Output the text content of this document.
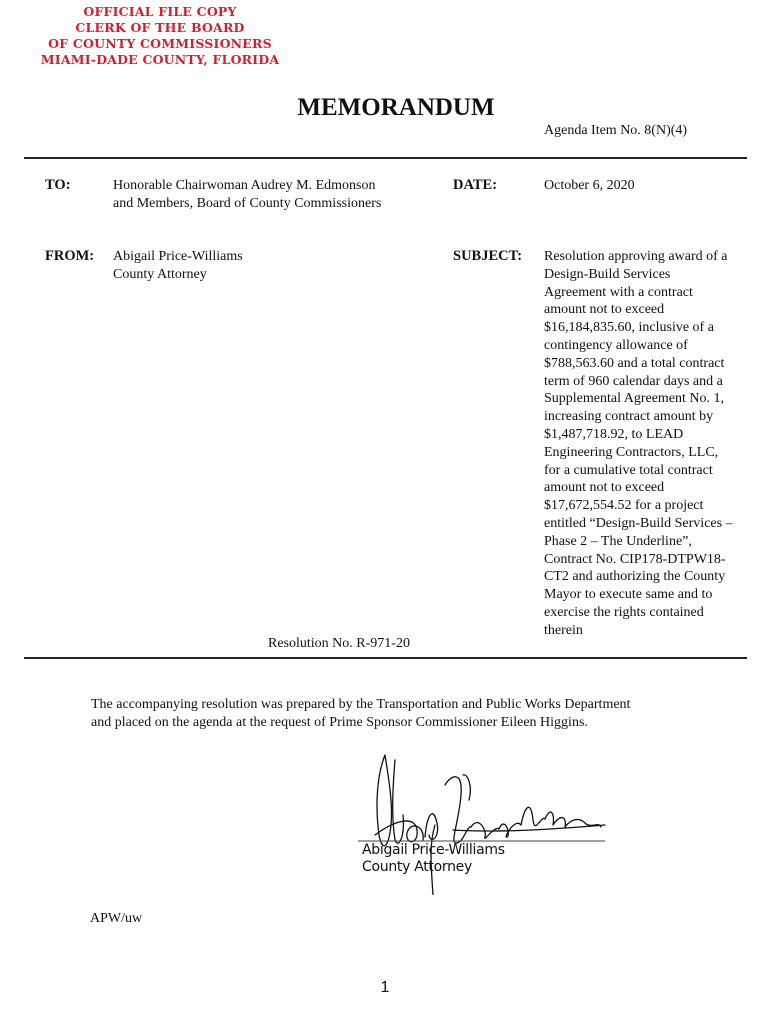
OFFICIAL FILE COPY
CLERK OF THE BOARD
OF COUNTY COMMISSIONERS
MIAMI-DADE COUNTY, FLORIDA
MEMORANDUM
Agenda Item No. 8(N)(4)
TO:	Honorable Chairwoman Audrey M. Edmonson
and Members, Board of County Commissioners
DATE:	October 6, 2020
FROM: Abigail Price-Williams
County Attorney
SUBJECT: Resolution approving award of a
Design-Build Services
Agreement with a contract
amount not to exceed
$16,184,835.60, inclusive of a
contingency allowance of
$788,563.60 and a total contract
term of 960 calendar days and a
Supplemental Agreement No. 1,
increasing contract amount by
$1,487,718.92, to LEAD
Engineering Contractors, LLC,
for a cumulative total contract
amount not to exceed
$17,672,554.52 for a project
entitled “Design-Build Services –
Phase 2 – The Underline”,
Contract No. CIP178-DTPW18-
CT2 and authorizing the County
Mayor to execute same and to
exercise the rights contained
therein
Resolution No. R-971-20
The accompanying resolution was prepared by the Transportation and Public Works Department
and placed on the agenda at the request of Prime Sponsor Commissioner Eileen Higgins.
Abigail Price-Williams
County Attorney
APW/uw
1
